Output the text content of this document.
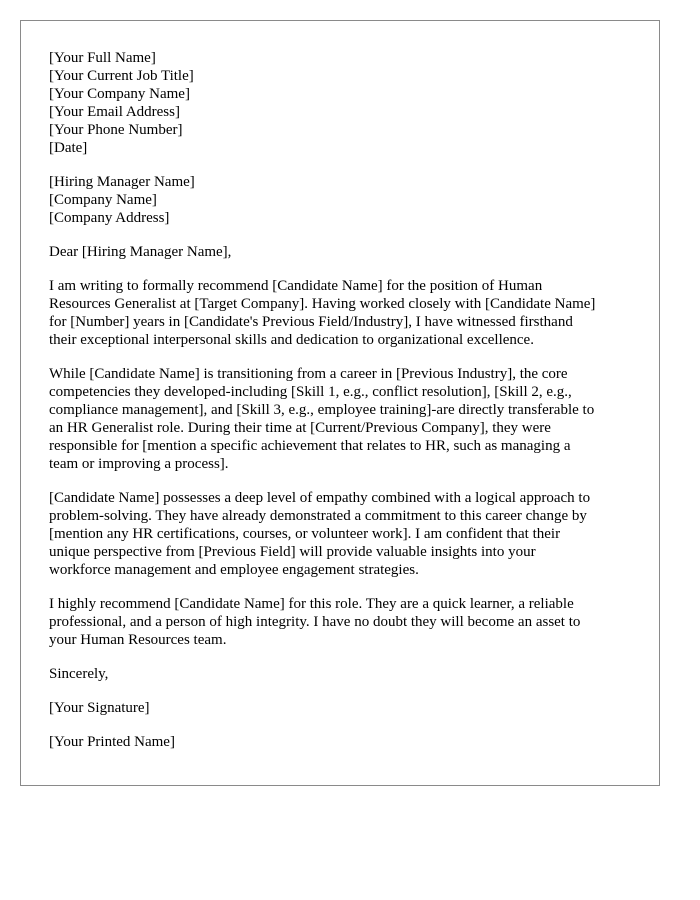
[Your Full Name]
[Your Current Job Title]
[Your Company Name]
[Your Email Address]
[Your Phone Number]
[Date]
[Hiring Manager Name]
[Company Name]
[Company Address]
Dear [Hiring Manager Name],
I am writing to formally recommend [Candidate Name] for the position of Human
Resources Generalist at [Target Company]. Having worked closely with [Candidate Name]
for [Number] years in [Candidate's Previous Field/Industry], I have witnessed firsthand
their exceptional interpersonal skills and dedication to organizational excellence.
While [Candidate Name] is transitioning from a career in [Previous Industry], the core
competencies they developed-including [Skill 1, e.g., conflict resolution], [Skill 2, e.g.,
compliance management], and [Skill 3, e.g., employee training]-are directly transferable to
an HR Generalist role. During their time at [Current/Previous Company], they were
responsible for [mention a specific achievement that relates to HR, such as managing a
team or improving a process].
[Candidate Name] possesses a deep level of empathy combined with a logical approach to
problem-solving. They have already demonstrated a commitment to this career change by
[mention any HR certifications, courses, or volunteer work]. I am confident that their
unique perspective from [Previous Field] will provide valuable insights into your
workforce management and employee engagement strategies.
I highly recommend [Candidate Name] for this role. They are a quick learner, a reliable
professional, and a person of high integrity. I have no doubt they will become an asset to
your Human Resources team.
Sincerely,
[Your Signature]
[Your Printed Name]
